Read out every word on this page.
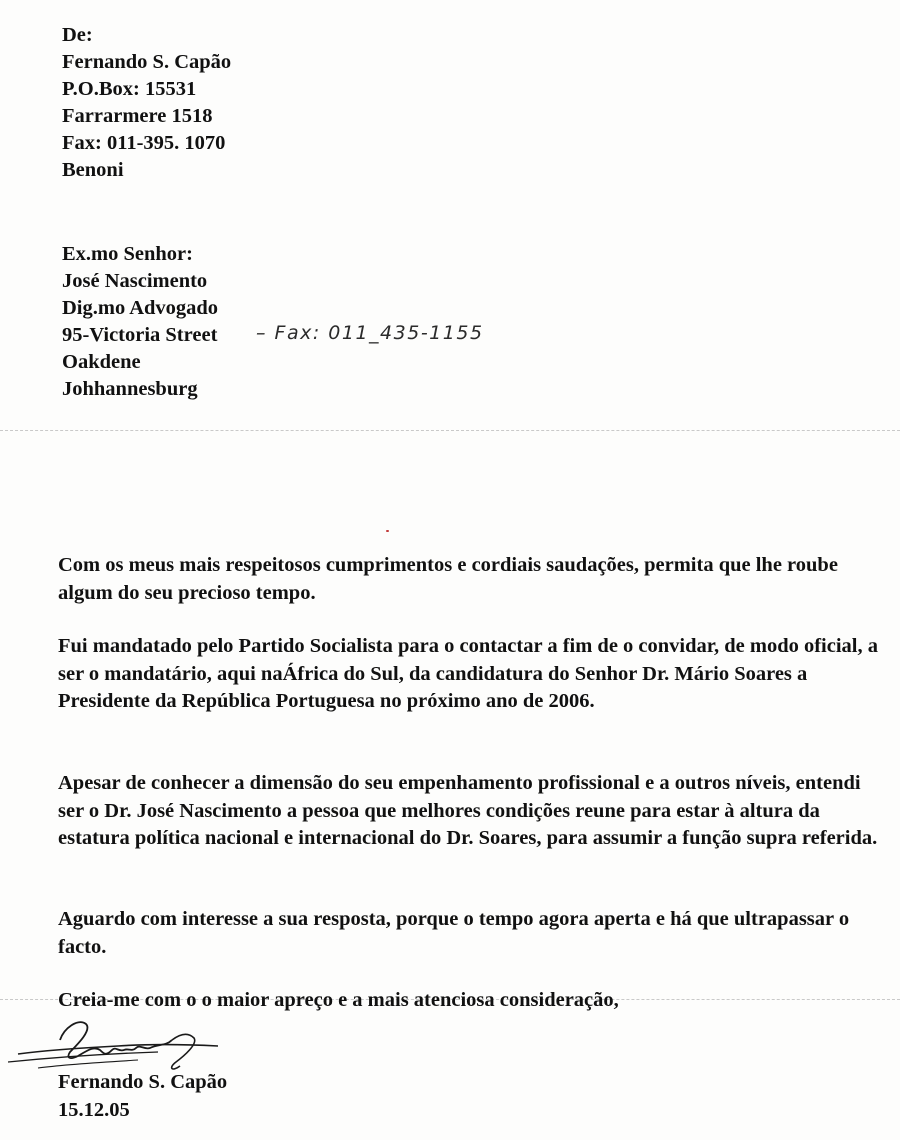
De:
Fernando S. Capão
P.O.Box: 15531
Farrarmere 1518
Fax: 011-395. 1070
Benoni
Ex.mo Senhor:
José Nascimento
Dig.mo Advogado
95-Victoria Street
Oakdene
Johhannesburg
– Fax: 011_435-1155
Com os meus mais respeitosos cumprimentos e cordiais saudações, permita que lhe roube algum do seu precioso tempo.
Fui mandatado pelo Partido Socialista para o contactar a fim de o convidar, de modo oficial, a ser o mandatário, aqui naÁfrica do Sul, da candidatura do Senhor Dr. Mário Soares a Presidente da República Portuguesa no próximo ano de 2006.
Apesar de conhecer a dimensão do seu empenhamento profissional e a outros níveis, entendi ser o Dr. José Nascimento a pessoa que melhores condições reune para estar à altura da estatura política nacional e internacional do Dr. Soares, para assumir a função supra referida.
Aguardo com interesse a sua resposta, porque o tempo agora aperta e há que ultrapassar o facto.
Creia-me com o o maior apreço e a mais atenciosa consideração,
Fernando S. Capão
15.12.05
